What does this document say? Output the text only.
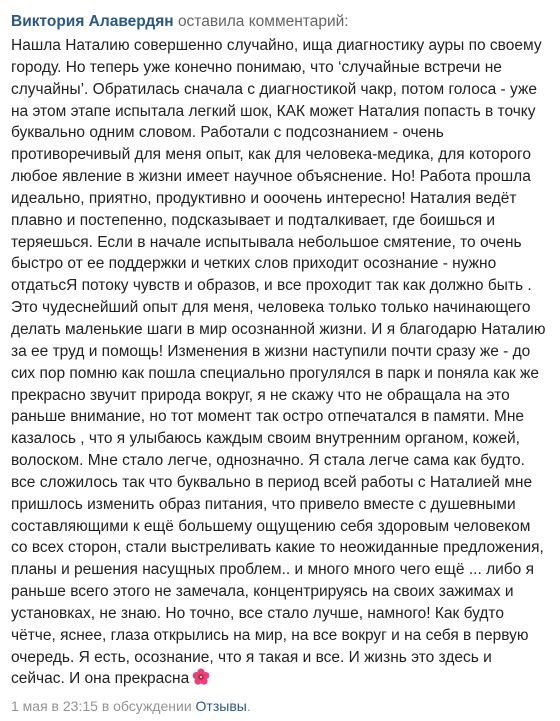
Виктория Алавердян оставила комментарий:
Нашла Наталию совершенно случайно, ища диагностику ауры по своему городу. Но теперь уже конечно понимаю, что ‘случайные встречи не случайны’. Обратилась сначала с диагностикой чакр, потом голоса - уже на этом этапе испытала легкий шок, КАК может Наталия попасть в точку буквально одним словом. Работали с подсознанием - очень противоречивый для меня опыт, как для человека-медика, для которого любое явление в жизни имеет научное объяснение. Но! Работа прошла идеально, приятно, продуктивно и ооочень интересно! Наталия ведёт плавно и постепенно, подсказывает и подталкивает, где боишься и теряешься. Если в начале испытывала небольшое смятение, то очень быстро от ее поддержки и четких слов приходит осознание - нужно отдатьсЯ потоку чувств и образов, и все проходит так как должно быть . Это чудеснейший опыт для меня, человека только только начинающего делать маленькие шаги в мир осознанной жизни. И я благодарю Наталию за ее труд и помощь! Изменения в жизни наступили почти сразу же - до сих пор помню как пошла специально прогулялся в парк и поняла как же прекрасно звучит природа вокруг, я не скажу что не обращала на это раньше внимание, но тот момент так остро отпечатался в памяти. Мне казалось , что я улыбаюсь каждым своим внутренним органом, кожей, волоском. Мне стало легче, однозначно. Я стала легче сама как будто. все сложилось так что буквально в период всей работы с Наталией мне пришлось изменить образ питания, что привело вместе с душевными составляющими к ещё большему ощущению себя здоровым человеком со всех сторон, стали выстреливать какие то неожиданные предложения, планы и решения насущных проблем.. и много много чего ещё ... либо я раньше всего этого не замечала, концентрируясь на своих зажимах и установках, не знаю. Но точно, все стало лучше, намного! Как будто чётче, яснее, глаза открылись на мир, на все вокруг и на себя в первую очередь. Я есть, осознание, что я такая и все. И жизнь это здесь и сейчас. И она прекрасна
1 мая в 23:15 в обсуждении Отзывы.
